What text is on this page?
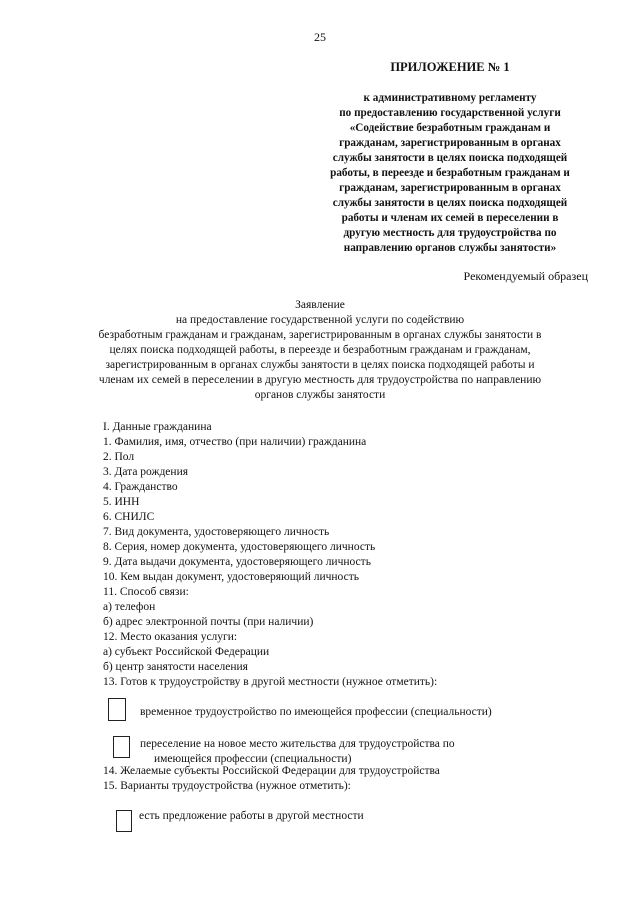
25
ПРИЛОЖЕНИЕ № 1
к административному регламенту
по предоставлению государственной услуги
«Содействие безработным гражданам и
гражданам, зарегистрированным в органах
службы занятости в целях поиска подходящей
работы, в переезде и безработным гражданам и
гражданам, зарегистрированным в органах
службы занятости в целях поиска подходящей
работы и членам их семей в переселении в
другую местность для трудоустройства по
направлению органов службы занятости»
Рекомендуемый образец
Заявление
на предоставление государственной услуги по содействию
безработным гражданам и гражданам, зарегистрированным в органах службы занятости в
целях поиска подходящей работы, в переезде и безработным гражданам и гражданам,
зарегистрированным в органах службы занятости в целях поиска подходящей работы и
членам их семей в переселении в другую местность для трудоустройства по направлению
органов службы занятости
I. Данные гражданина
1. Фамилия, имя, отчество (при наличии) гражданина
2. Пол
3. Дата рождения
4. Гражданство
5. ИНН
6. СНИЛС
7. Вид документа, удостоверяющего личность
8. Серия, номер документа, удостоверяющего личность
9. Дата выдачи документа, удостоверяющего личность
10. Кем выдан документ, удостоверяющий личность
11. Способ связи:
а) телефон
б) адрес электронной почты (при наличии)
12. Место оказания услуги:
а) субъект Российской Федерации
б) центр занятости населения
13. Готов к трудоустройству в другой местности (нужное отметить):
временное трудоустройство по имеющейся профессии (специальности)
переселение на новое место жительства для трудоустройства по
имеющейся профессии (специальности)
14. Желаемые субъекты Российской Федерации для трудоустройства
15. Варианты трудоустройства (нужное отметить):
есть предложение работы в другой местности
